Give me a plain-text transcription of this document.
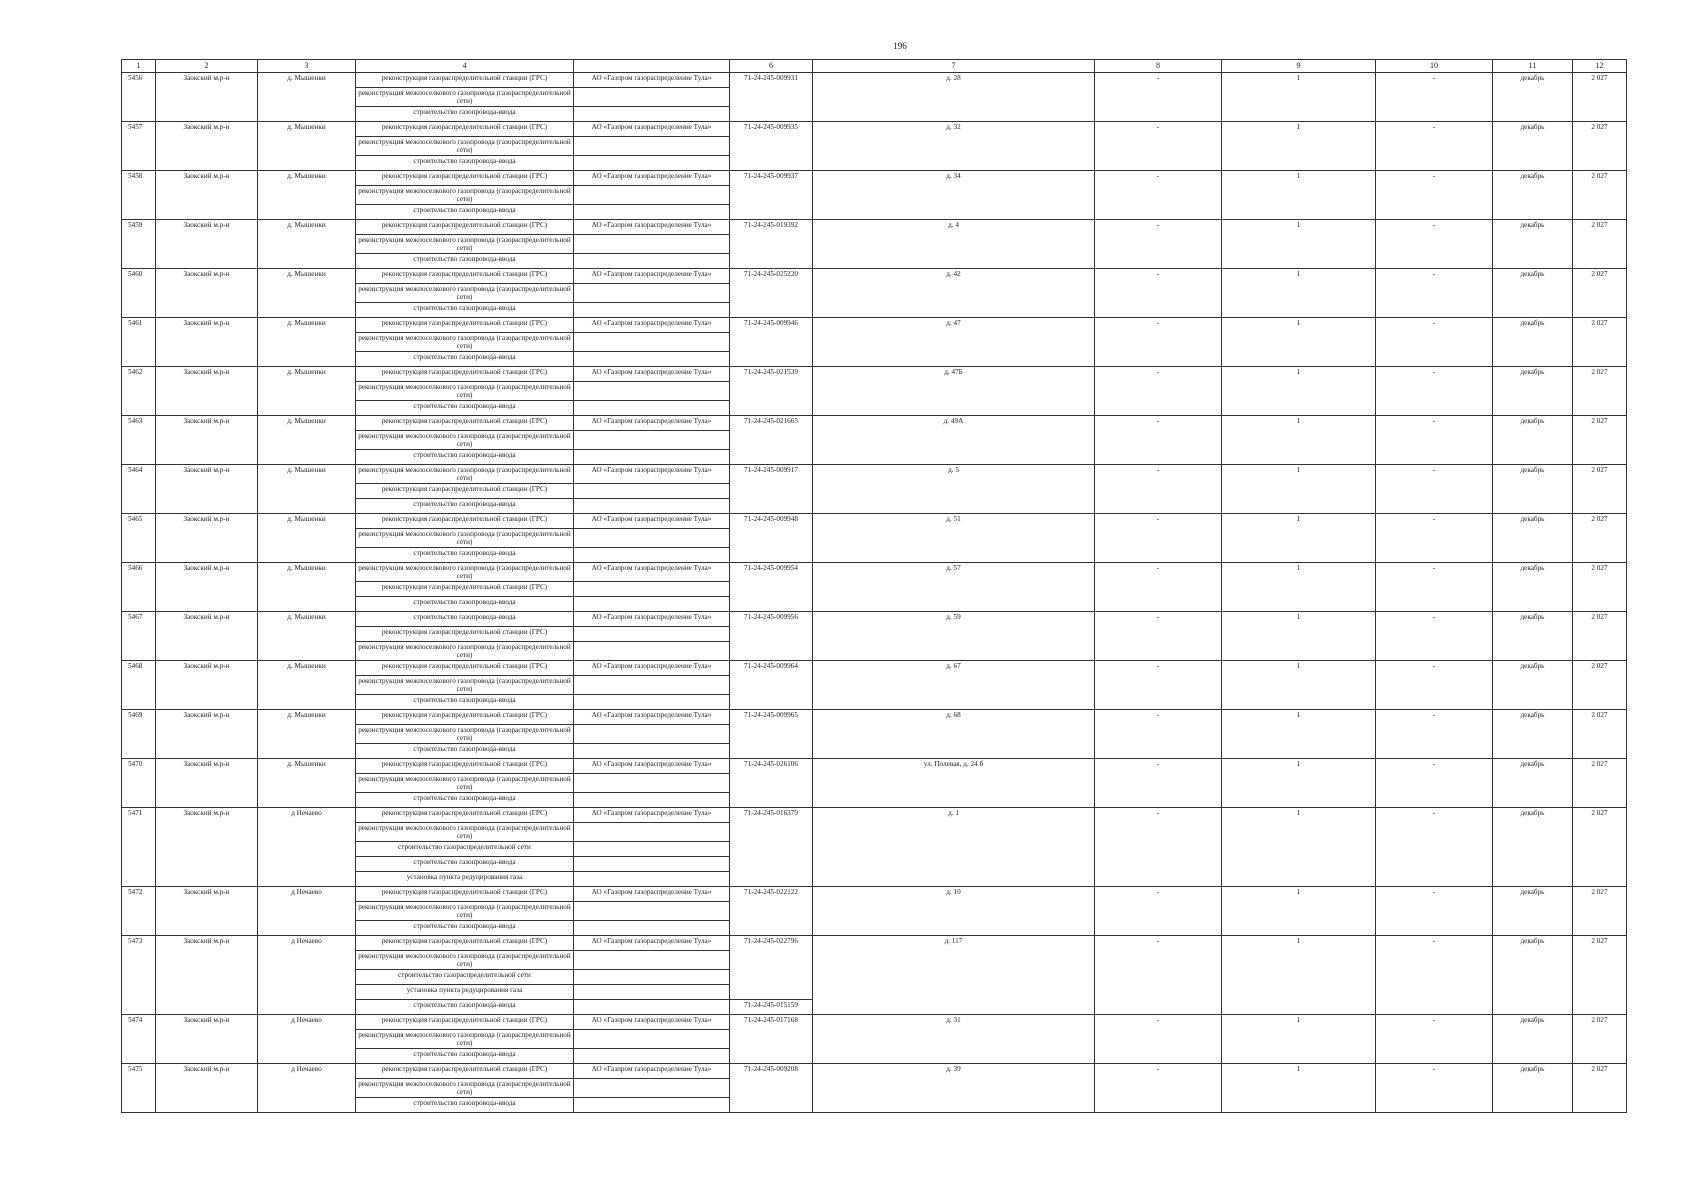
196
1	2	3	4		6	7	8	9	10	11	12
5456	Заокский м.р-н	д. Мышенки	реконструкция газораспределительной станции (ГРС)	АО «Газпром газораспределение Тула»	71-24-245-009931	д. 28	-	1	-	декабрь	2 027
			реконструкция межпоселкового газопровода (газораспределительной сети)								
			строительство газопровода-ввода								
5457	Заокский м.р-н	д. Мышенки	реконструкция газораспределительной станции (ГРС)	АО «Газпром газораспределение Тула»	71-24-245-009935	д. 32	-	1	-	декабрь	2 027
			реконструкция межпоселкового газопровода (газораспределительной сети)								
			строительство газопровода-ввода								
5458	Заокский м.р-н	д. Мышенки	реконструкция газораспределительной станции (ГРС)	АО «Газпром газораспределение Тула»	71-24-245-009937	д. 34	-	1	-	декабрь	2 027
			реконструкция межпоселкового газопровода (газораспределительной сети)								
			строительство газопровода-ввода								
5459	Заокский м.р-н	д. Мышенки	реконструкция газораспределительной станции (ГРС)	АО «Газпром газораспределение Тула»	71-24-245-019392	д. 4	-	1	-	декабрь	2 027
			реконструкция межпоселкового газопровода (газораспределительной сети)								
			строительство газопровода-ввода								
5460	Заокский м.р-н	д. Мышенки	реконструкция газораспределительной станции (ГРС)	АО «Газпром газораспределение Тула»	71-24-245-025220	д. 42	-	1	-	декабрь	2 027
			реконструкция межпоселкового газопровода (газораспределительной сети)								
			строительство газопровода-ввода								
5461	Заокский м.р-н	д. Мышенки	реконструкция газораспределительной станции (ГРС)	АО «Газпром газораспределение Тула»	71-24-245-009946	д. 47	-	1	-	декабрь	2 027
			реконструкция межпоселкового газопровода (газораспределительной сети)								
			строительство газопровода-ввода								
5462	Заокский м.р-н	д. Мышенки	реконструкция газораспределительной станции (ГРС)	АО «Газпром газораспределение Тула»	71-24-245-021539	д. 47Б	-	1	-	декабрь	2 027
			реконструкция межпоселкового газопровода (газораспределительной сети)								
			строительство газопровода-ввода								
5463	Заокский м.р-н	д. Мышенки	реконструкция газораспределительной станции (ГРС)	АО «Газпром газораспределение Тула»	71-24-245-021665	д. 49А	-	1	-	декабрь	2 027
			реконструкция межпоселкового газопровода (газораспределительной сети)								
			строительство газопровода-ввода								
5464	Заокский м.р-н	д. Мышенки	реконструкция межпоселкового газопровода (газораспределительной сети)	АО «Газпром газораспределение Тула»	71-24-245-009917	д. 5	-	1	-	декабрь	2 027
			реконструкция газораспределительной станции (ГРС)								
			строительство газопровода-ввода								
5465	Заокский м.р-н	д. Мышенки	реконструкция газораспределительной станции (ГРС)	АО «Газпром газораспределение Тула»	71-24-245-009948	д. 51	-	1	-	декабрь	2 027
			реконструкция межпоселкового газопровода (газораспределительной сети)								
			строительство газопровода-ввода								
5466	Заокский м.р-н	д. Мышенки	реконструкция межпоселкового газопровода (газораспределительной сети)	АО «Газпром газораспределение Тула»	71-24-245-009954	д. 57	-	1	-	декабрь	2 027
			реконструкция газораспределительной станции (ГРС)								
			строительство газопровода-ввода								
5467	Заокский м.р-н	д. Мышенки	строительство газопровода-ввода	АО «Газпром газораспределение Тула»	71-24-245-009956	д. 59	-	1	-	декабрь	2 027
			реконструкция газораспределительной станции (ГРС)								
			реконструкция межпоселкового газопровода (газораспределительной сети)								
5468	Заокский м.р-н	д. Мышенки	реконструкция газораспределительной станции (ГРС)	АО «Газпром газораспределение Тула»	71-24-245-009964	д. 67	-	1	-	декабрь	2 027
			реконструкция межпоселкового газопровода (газораспределительной сети)								
			строительство газопровода-ввода								
5469	Заокский м.р-н	д. Мышенки	реконструкция газораспределительной станции (ГРС)	АО «Газпром газораспределение Тула»	71-24-245-009965	д. 68	-	1	-	декабрь	2 027
			реконструкция межпоселкового газопровода (газораспределительной сети)								
			строительство газопровода-ввода								
5470	Заокский м.р-н	д. Мышенки	реконструкция газораспределительной станции (ГРС)	АО «Газпром газораспределение Тула»	71-24-245-026106	ул. Полевая, д. 24 б	-	1	-	декабрь	2 027
			реконструкция межпоселкового газопровода (газораспределительной сети)								
			строительство газопровода-ввода								
5471	Заокский м.р-н	д Нечаево	реконструкция газораспределительной станции (ГРС)	АО «Газпром газораспределение Тула»	71-24-245-016379	д. 1	-	1	-	декабрь	2 027
			реконструкция межпоселкового газопровода (газораспределительной сети)								
			строительство газораспределительной сети								
			строительство газопровода-ввода								
			установка пункта редуцирования газа								
5472	Заокский м.р-н	д Нечаево	реконструкция газораспределительной станции (ГРС)	АО «Газпром газораспределение Тула»	71-24-245-022122	д. 10	-	1	-	декабрь	2 027
			реконструкция межпоселкового газопровода (газораспределительной сети)								
			строительство газопровода-ввода								
5473	Заокский м.р-н	д Нечаево	реконструкция газораспределительной станции (ГРС)	АО «Газпром газораспределение Тула»	71-24-245-022796	д. 117	-	1	-	декабрь	2 027
			реконструкция межпоселкового газопровода (газораспределительной сети)								
			строительство газораспределительной сети								
			установка пункта редуцирования газа								
			строительство газопровода-ввода		71-24-245-015159						
5474	Заокский м.р-н	д Нечаево	реконструкция газораспределительной станции (ГРС)	АО «Газпром газораспределение Тула»	71-24-245-017168	д. 31	-	1	-	декабрь	2 027
			реконструкция межпоселкового газопровода (газораспределительной сети)								
			строительство газопровода-ввода								
5475	Заокский м.р-н	д Нечаево	реконструкция газораспределительной станции (ГРС)	АО «Газпром газораспределение Тула»	71-24-245-009208	д. 39	-	1	-	декабрь	2 027
			реконструкция межпоселкового газопровода (газораспределительной сети)								
			строительство газопровода-ввода								
